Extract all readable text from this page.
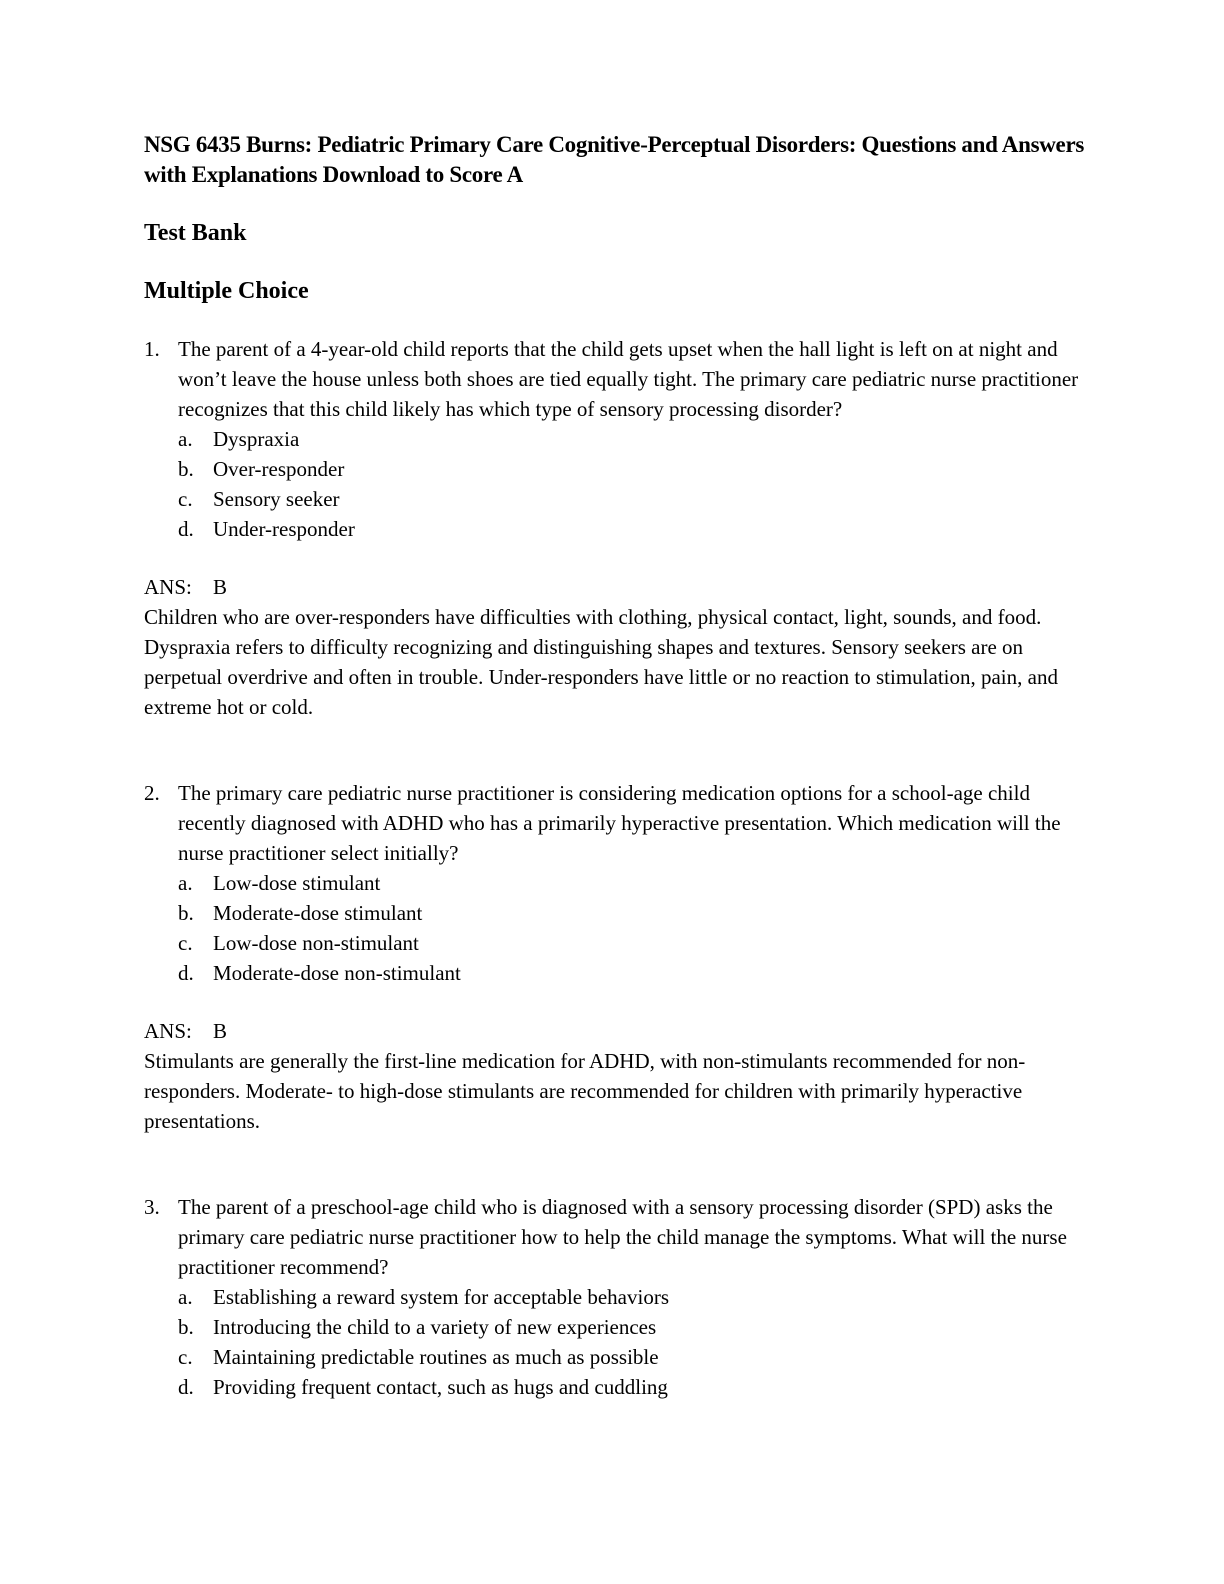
NSG 6435 Burns: Pediatric Primary Care Cognitive-Perceptual Disorders: Questions and Answers with Explanations Download to Score A
Test Bank
Multiple Choice
1. The parent of a 4-year-old child reports that the child gets upset when the hall light is left on at night and won’t leave the house unless both shoes are tied equally tight. The primary care pediatric nurse practitioner recognizes that this child likely has which type of sensory processing disorder?

a. Dyspraxia
b. Over-responder
c. Sensory seeker
d. Under-responder
ANS:	B

Children who are over-responders have difficulties with clothing, physical contact, light, sounds, and food. Dyspraxia refers to difficulty recognizing and distinguishing shapes and textures. Sensory seekers are on perpetual overdrive and often in trouble. Under-responders have little or no reaction to stimulation, pain, and extreme hot or cold.

2. The primary care pediatric nurse practitioner is considering medication options for a school-age child recently diagnosed with ADHD who has a primarily hyperactive presentation. Which medication will the nurse practitioner select initially?

a. Low-dose stimulant
b. Moderate-dose stimulant
c. Low-dose non-stimulant
d. Moderate-dose non-stimulant
ANS:	B

Stimulants are generally the first-line medication for ADHD, with non-stimulants recommended for non-responders. Moderate- to high-dose stimulants are recommended for children with primarily hyperactive presentations.

3. The parent of a preschool-age child who is diagnosed with a sensory processing disorder (SPD) asks the primary care pediatric nurse practitioner how to help the child manage the symptoms. What will the nurse practitioner recommend?

a. Establishing a reward system for acceptable behaviors
b. Introducing the child to a variety of new experiences
c. Maintaining predictable routines as much as possible
d. Providing frequent contact, such as hugs and cuddling
